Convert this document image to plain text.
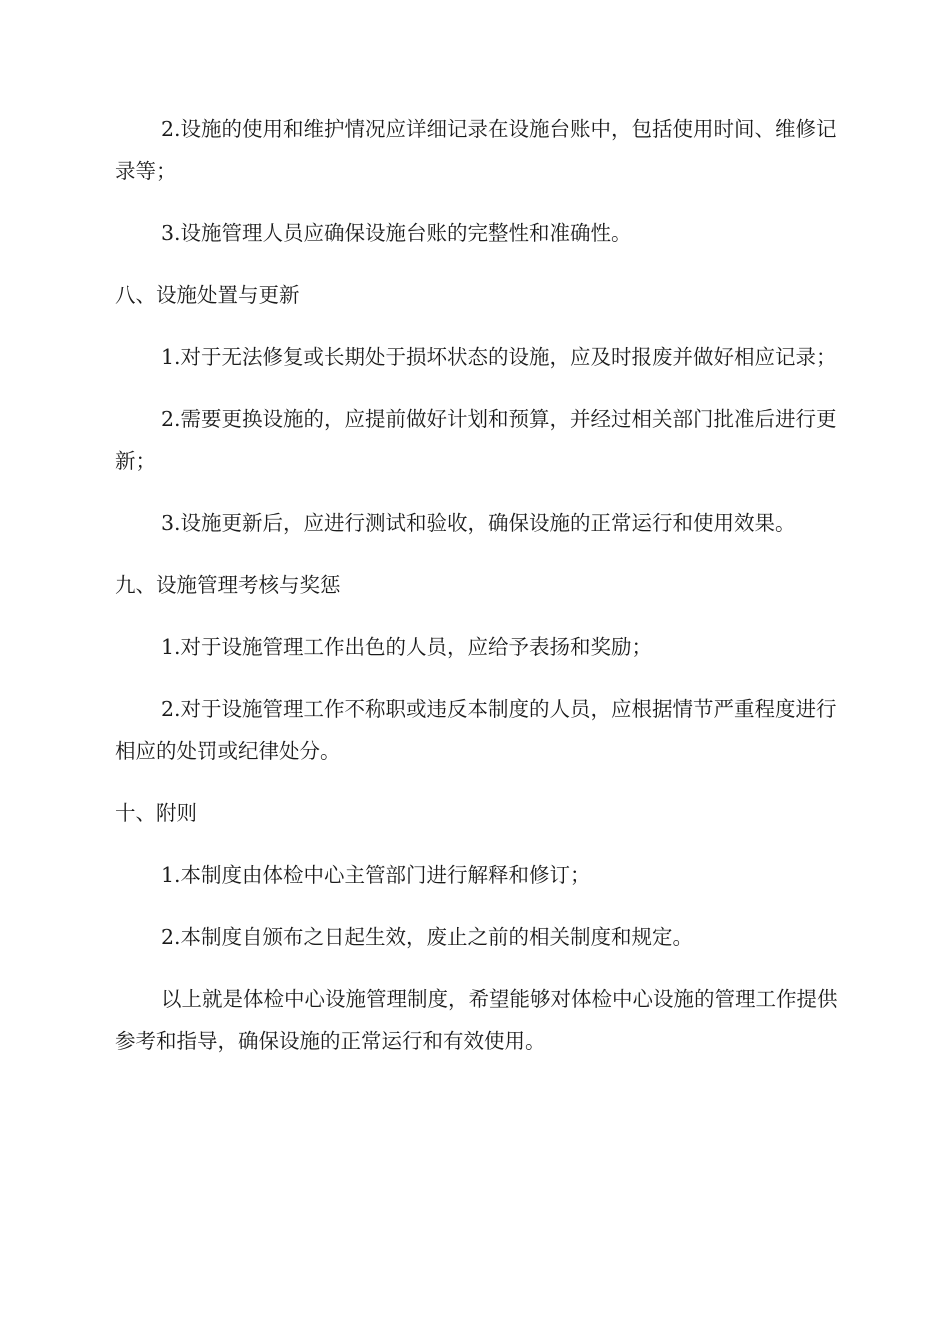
2.设施的使用和维护情况应详细记录在设施台账中，包括使用时间、维修记录等；

3.设施管理人员应确保设施台账的完整性和准确性。

八、设施处置与更新

1.对于无法修复或长期处于损坏状态的设施，应及时报废并做好相应记录；

2.需要更换设施的，应提前做好计划和预算，并经过相关部门批准后进行更新；

3.设施更新后，应进行测试和验收，确保设施的正常运行和使用效果。

九、设施管理考核与奖惩

1.对于设施管理工作出色的人员，应给予表扬和奖励；

2.对于设施管理工作不称职或违反本制度的人员，应根据情节严重程度进行相应的处罚或纪律处分。

十、附则

1.本制度由体检中心主管部门进行解释和修订；

2.本制度自颁布之日起生效，废止之前的相关制度和规定。

以上就是体检中心设施管理制度，希望能够对体检中心设施的管理工作提供参考和指导，确保设施的正常运行和有效使用。
